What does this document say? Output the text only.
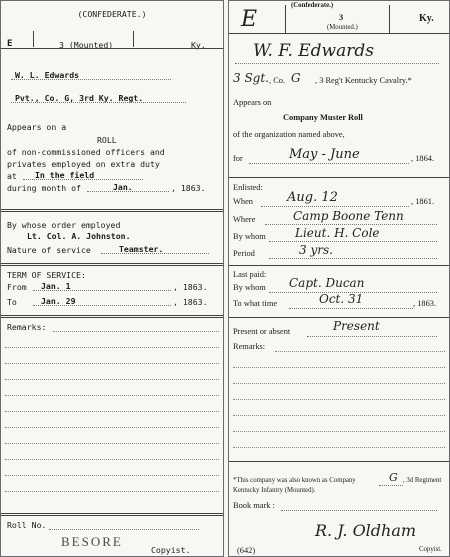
(CONFEDERATE.)
E	3 (Mounted)	Ky.
W. L. Edwards
Pvt., Co. G, 3rd Ky. Regt.
Appears on a
ROLL
of non-commissioned officers and
privates employed on extra duty
at In the field
during month of	Jan.	, 1863.
By whose order employed
Lt. Col. A. Johnston.
Nature of service	Teamster.
TERM OF SERVICE:
From Jan. 1	, 1863.
To	Jan. 29	, 1863.
Remarks:
Roll No.
BESORE
Copyist.
(Confederate.)
E	3
(Mounted.)
Ky.
W. F. Edwards
3 Sgt. , Co. G , 3 Reg't Kentucky Cavalry.*
Appears on
Company Muster Roll
of the organization named above,
for	May - June	, 1864.
Enlisted:
When	Aug. 12	, 1861.
Where	Camp Boone Tenn
By whom Lieut. H. Cole
Period	3 yrs.
Last paid:
By whom Capt. Ducan
To what time	Oct. 31	, 1863.
Present or absent	Present
Remarks:
*This company was also known as Company	G , 3d Regiment
Kentucky Infantry (Mounted).
Book mark :
R. J. Oldham
(642)	Copyist.
